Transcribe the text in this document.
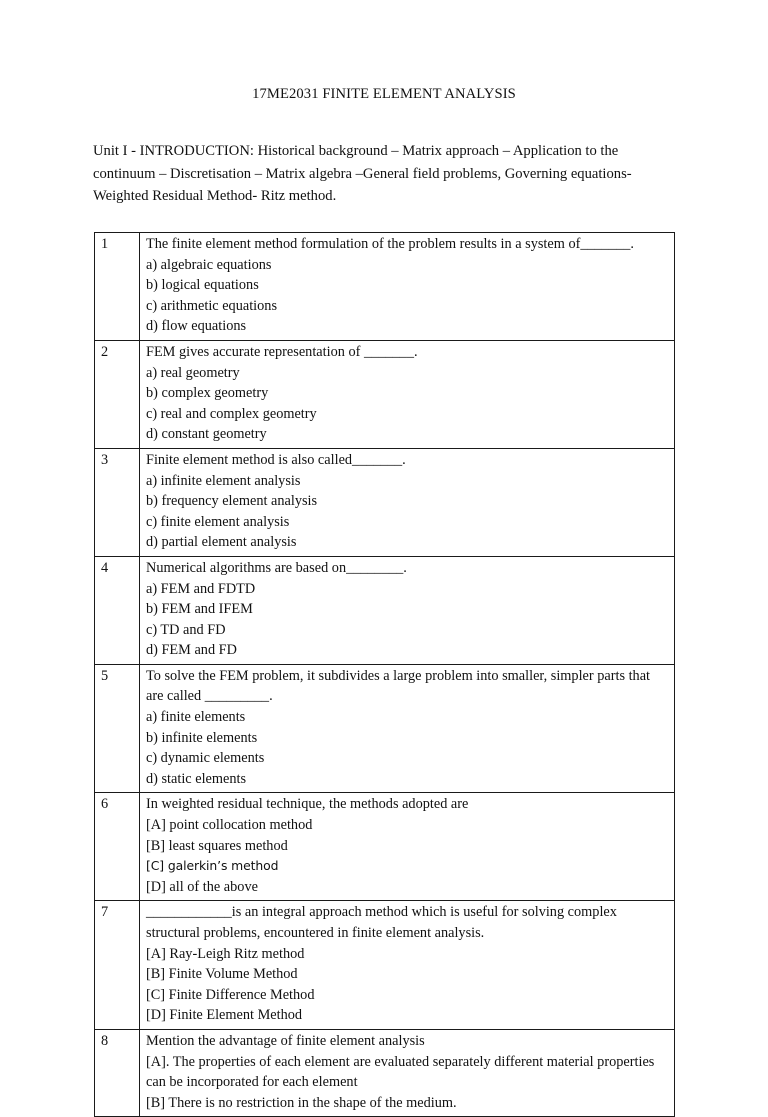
17ME2031 FINITE ELEMENT ANALYSIS
Unit I - INTRODUCTION: Historical background – Matrix approach – Application to the continuum – Discretisation – Matrix algebra –General field problems, Governing equations- Weighted Residual Method- Ritz method.
1	The finite element method formulation of the problem results in a system of_______.
a) algebraic equations
b) logical equations
c) arithmetic equations
d) flow equations

2	FEM gives accurate representation of _______.
a) real geometry
b) complex geometry
c) real and complex geometry
d) constant geometry

3	Finite element method is also called_______.
a) infinite element analysis
b) frequency element analysis
c) finite element analysis
d) partial element analysis

4	Numerical algorithms are based on________.
a) FEM and FDTD
b) FEM and IFEM
c) TD and FD
d) FEM and FD

5	To solve the FEM problem, it subdivides a large problem into smaller, simpler parts that are called _________.
a) finite elements
b) infinite elements
c) dynamic elements
d) static elements

6	In weighted residual technique, the methods adopted are
[A] point collocation method
[B] least squares method
[C] galerkin’s method
[D] all of the above

7	____________is an integral approach method which is useful for solving complex structural problems, encountered in finite element analysis.
[A] Ray-Leigh Ritz method
[B] Finite Volume Method
[C] Finite Difference Method
[D] Finite Element Method

8	Mention the advantage of finite element analysis
[A]. The properties of each element are evaluated separately different material properties can be incorporated for each element
[B] There is no restriction in the shape of the medium.
